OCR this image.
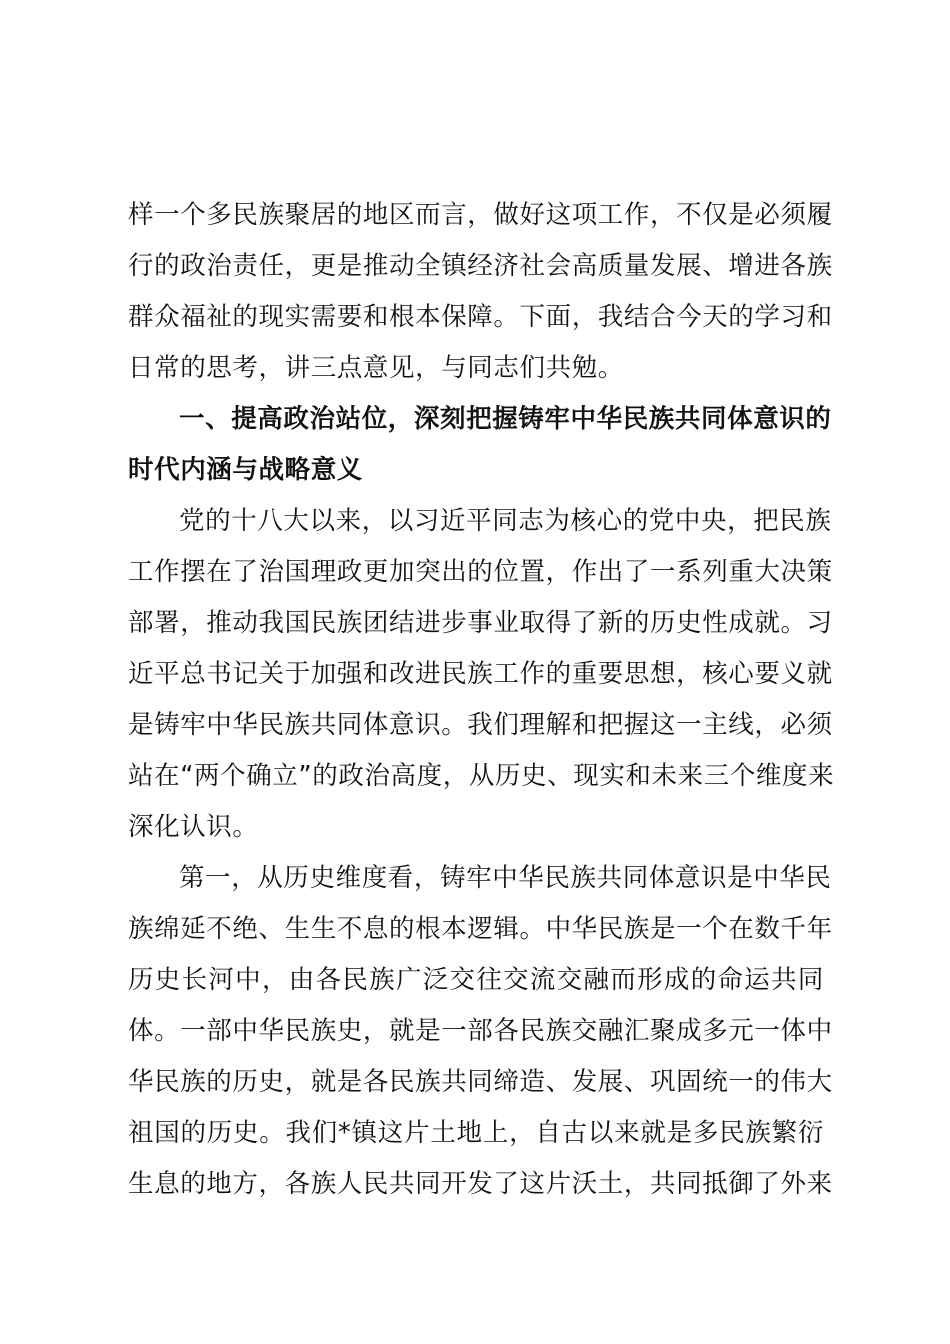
样一个多民族聚居的地区而言，做好这项工作，不仅是必须履
行的政治责任，更是推动全镇经济社会高质量发展、增进各族
群众福祉的现实需要和根本保障。下面，我结合今天的学习和
日常的思考，讲三点意见，与同志们共勉。
一、提高政治站位，深刻把握铸牢中华民族共同体意识的
时代内涵与战略意义
党的十八大以来，以习近平同志为核心的党中央，把民族
工作摆在了治国理政更加突出的位置，作出了一系列重大决策
部署，推动我国民族团结进步事业取得了新的历史性成就。习
近平总书记关于加强和改进民族工作的重要思想，核心要义就
是铸牢中华民族共同体意识。我们理解和把握这一主线，必须
站在“两个确立”的政治高度，从历史、现实和未来三个维度来
深化认识。
第一，从历史维度看，铸牢中华民族共同体意识是中华民
族绵延不绝、生生不息的根本逻辑。中华民族是一个在数千年
历史长河中，由各民族广泛交往交流交融而形成的命运共同
体。一部中华民族史，就是一部各民族交融汇聚成多元一体中
华民族的历史，就是各民族共同缔造、发展、巩固统一的伟大
祖国的历史。我们*镇这片土地上，自古以来就是多民族繁衍
生息的地方，各族人民共同开发了这片沃土，共同抵御了外来
